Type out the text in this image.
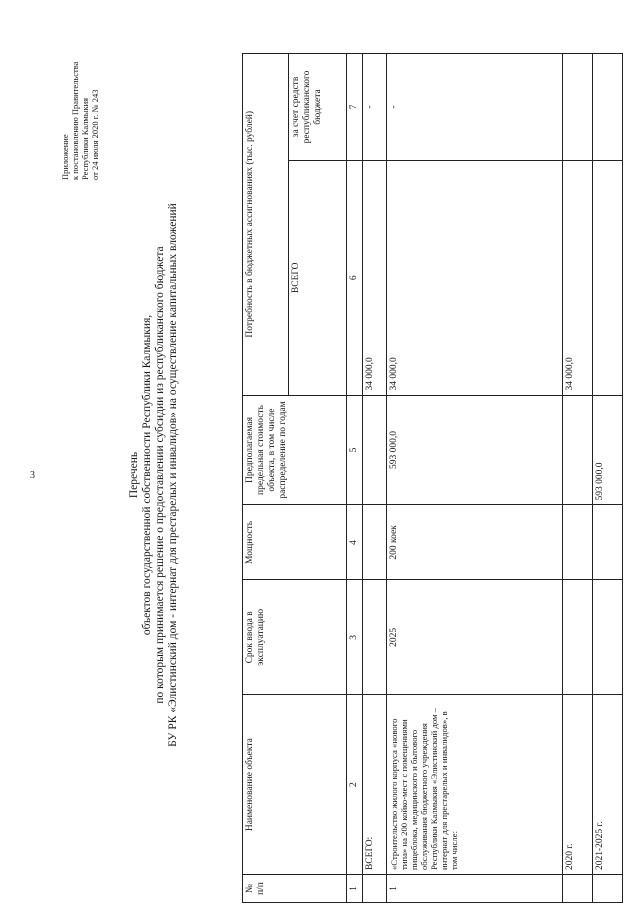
3
Приложение к постановлению Правительства Республики Калмыкия от 24 июля 2020 г. № 243
Перечень объектов государственной собственности Республики Калмыкия, по которым принимается решение о предоставлении субсидии из республиканского бюджета БУ РК «Элистинский дом - интернат для престарелых и инвалидов» на осуществление капитальных вложений
№ п/п	Наименование объекта	Срок ввода в эксплуатацию	Мощность	Предполагаемая предельная стоимость объекта, в том числе распределение по годам	Потребность в бюджетных ассигнованиях (тыс. рублей)	
					ВСЕГО	за счет средств республиканского бюджета
1	2	3	4	5	6	7
	ВСЕГО:				34 000,0	-
1	«Строительство жилого корпуса «нового типа» на 200 койко-мест с помещениями пищеблока, медицинского и бытового обслуживания бюджетного учреждения Республики Калмыкия «Элистинский дом – интернат для престарелых и инвалидов», в том числе:	2025	200 коек	593 000,0	34 000,0	-
	2020 г.				34 000,0	
	2021-2025 г.			593 000,0		
